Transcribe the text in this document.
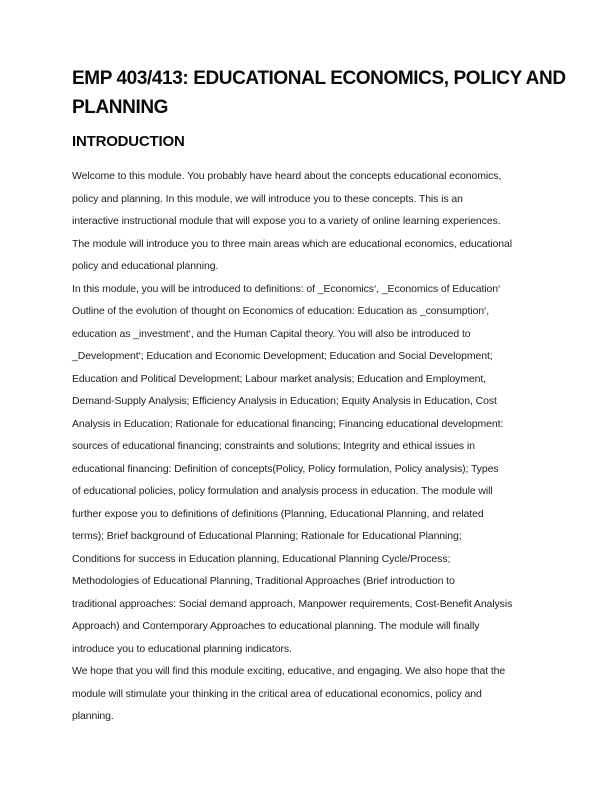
EMP 403/413: EDUCATIONAL ECONOMICS, POLICY AND
PLANNING
INTRODUCTION
Welcome to this module. You probably have heard about the concepts educational economics,
policy and planning. In this module, we will introduce you to these concepts. This is an
interactive instructional module that will expose you to a variety of online learning experiences.
The module will introduce you to three main areas which are educational economics, educational
policy and educational planning.
In this module, you will be introduced to definitions: of _Economics‘, _Economics of Education‘
Outline of the evolution of thought on Economics of education: Education as _consumption‘,
education as _investment‘, and the Human Capital theory. You will also be introduced to
_Development‘; Education and Economic Development; Education and Social Development;
Education and Political Development; Labour market analysis; Education and Employment,
Demand-Supply Analysis; Efficiency Analysis in Education; Equity Analysis in Education, Cost
Analysis in Education; Rationale for educational financing; Financing educational development:
sources of educational financing; constraints and solutions; Integrity and ethical issues in
educational financing: Definition of concepts(Policy, Policy formulation, Policy analysis); Types
of educational policies, policy formulation and analysis process in education. The module will
further expose you to definitions of definitions (Planning, Educational Planning, and related
terms); Brief background of Educational Planning; Rationale for Educational Planning;
Conditions for success in Education planning, Educational Planning Cycle/Process;
Methodologies of Educational Planning, Traditional Approaches (Brief introduction to
traditional approaches: Social demand approach, Manpower requirements, Cost-Benefit Analysis
Approach) and Contemporary Approaches to educational planning. The module will finally
introduce you to educational planning indicators.
We hope that you will find this module exciting, educative, and engaging. We also hope that the
module will stimulate your thinking in the critical area of educational economics, policy and
planning.
